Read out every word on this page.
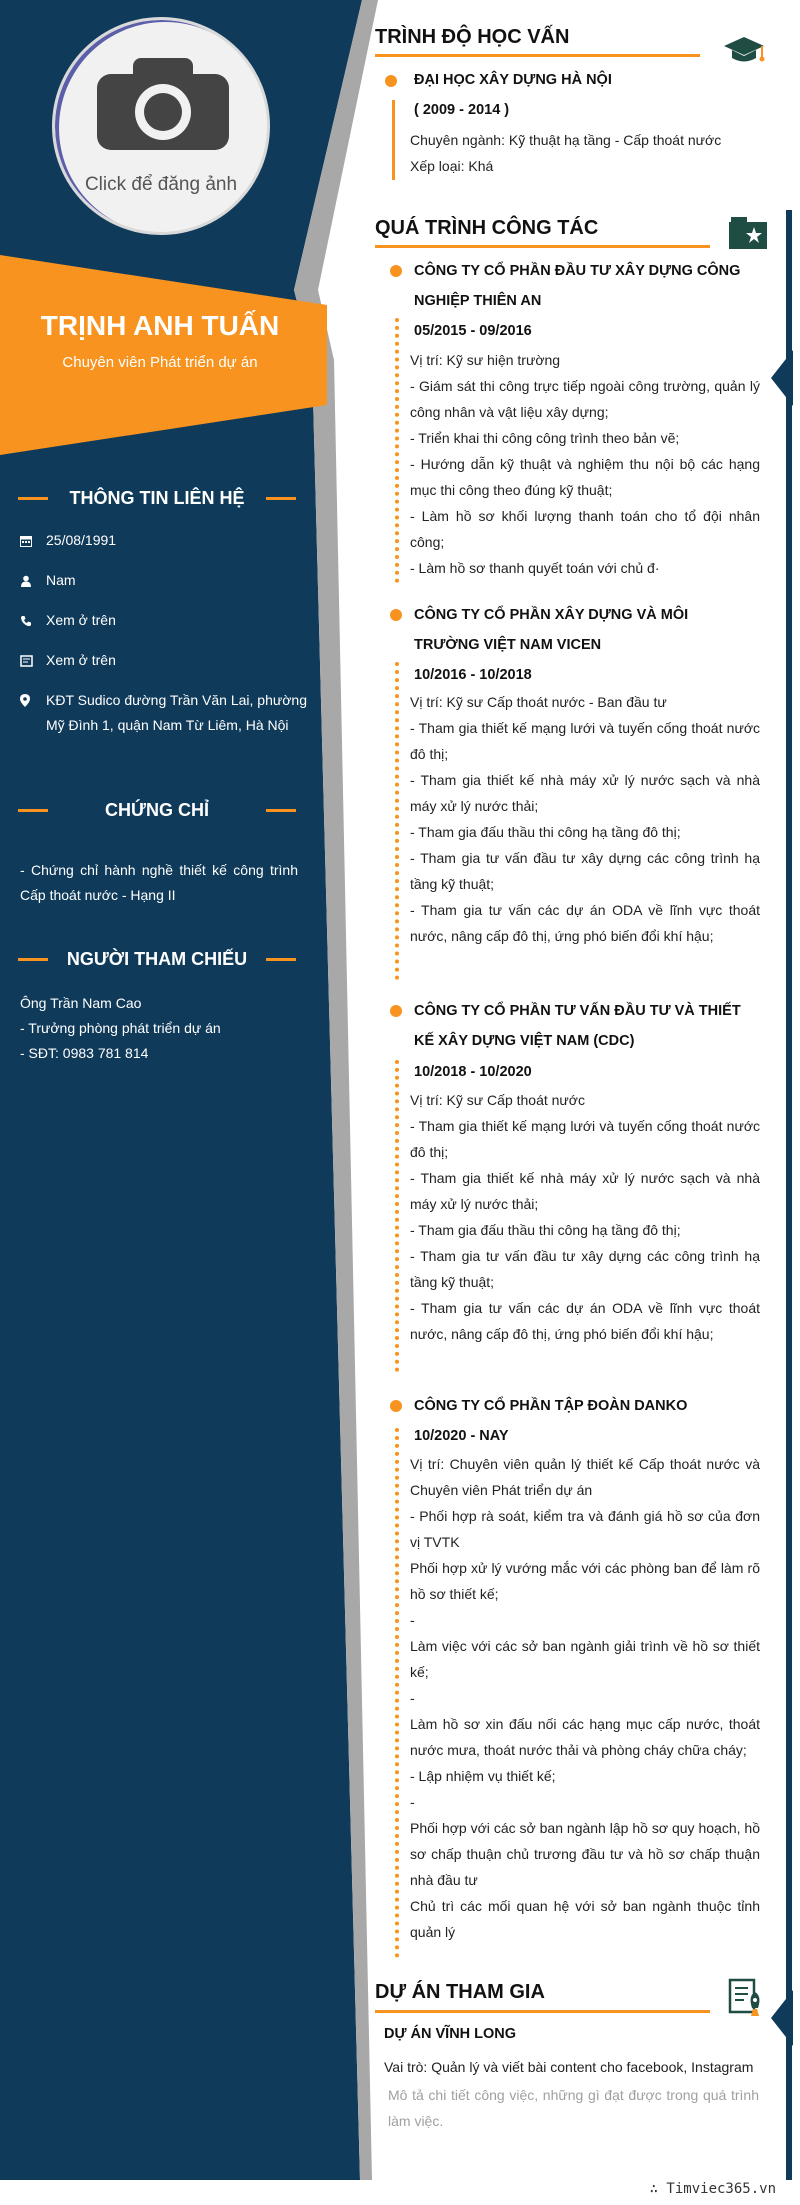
Click để đăng ảnh
TRỊNH ANH TUẤN
Chuyên viên Phát triển dự án
THÔNG TIN LIÊN HỆ
25/08/1991
Nam
Xem ở trên
Xem ở trên
KĐT Sudico đường Trần Văn Lai, phường Mỹ Đình 1, quận Nam Từ Liêm, Hà Nội
CHỨNG CHỈ
- Chứng chỉ hành nghề thiết kế công trình Cấp thoát nước - Hạng II
NGƯỜI THAM CHIẾU
Ông Trần Nam Cao
- Trưởng phòng phát triển dự án
- SĐT: 0983 781 814
TRÌNH ĐỘ HỌC VẤN
ĐẠI HỌC XÂY DỰNG HÀ NỘI
( 2009 - 2014 )
Chuyên ngành: Kỹ thuật hạ tầng - Cấp thoát nước
Xếp loại: Khá
QUÁ TRÌNH CÔNG TÁC
CÔNG TY CỔ PHẦN ĐẦU TƯ XÂY DỰNG CÔNG NGHIỆP THIÊN AN
05/2015 - 09/2016
Vị trí: Kỹ sư hiện trường
- Giám sát thi công trực tiếp ngoài công trường, quản lý công nhân và vật liệu xây dựng;
- Triển khai thi công công trình theo bản vẽ;
- Hướng dẫn kỹ thuật và nghiệm thu nội bộ các hạng mục thi công theo đúng kỹ thuật;
- Làm hồ sơ khối lượng thanh toán cho tổ đội nhân công;
- Làm hồ sơ thanh quyết toán với chủ đ·
CÔNG TY CỔ PHẦN XÂY DỰNG VÀ MÔI TRƯỜNG VIỆT NAM VICEN
10/2016 - 10/2018
Vị trí: Kỹ sư Cấp thoát nước - Ban đầu tư
- Tham gia thiết kế mạng lưới và tuyến cống thoát nước đô thị;
- Tham gia thiết kế nhà máy xử lý nước sạch và nhà máy xử lý nước thải;
- Tham gia đấu thầu thi công hạ tầng đô thị;
- Tham gia tư vấn đầu tư xây dựng các công trình hạ tầng kỹ thuật;
- Tham gia tư vấn các dự án ODA về lĩnh vực thoát nước, nâng cấp đô thị, ứng phó biến đổi khí hậu;
CÔNG TY CỔ PHẦN TƯ VẤN ĐẦU TƯ VÀ THIẾT KẾ XÂY DỰNG VIỆT NAM (CDC)
10/2018 - 10/2020
Vị trí: Kỹ sư Cấp thoát nước
- Tham gia thiết kế mạng lưới và tuyến cống thoát nước đô thị;
- Tham gia thiết kế nhà máy xử lý nước sạch và nhà máy xử lý nước thải;
- Tham gia đấu thầu thi công hạ tầng đô thị;
- Tham gia tư vấn đầu tư xây dựng các công trình hạ tầng kỹ thuật;
- Tham gia tư vấn các dự án ODA về lĩnh vực thoát nước, nâng cấp đô thị, ứng phó biến đổi khí hậu;
CÔNG TY CỔ PHẦN TẬP ĐOÀN DANKO
10/2020 - NAY
Vị trí: Chuyên viên quản lý thiết kế Cấp thoát nước và Chuyên viên Phát triển dự án
- Phối hợp rà soát, kiểm tra và đánh giá hồ sơ của đơn vị TVTK
Phối hợp xử lý vướng mắc với các phòng ban để làm rõ hồ sơ thiết kế;
-
Làm việc với các sở ban ngành giải trình về hồ sơ thiết kế;
-
Làm hồ sơ xin đấu nối các hạng mục cấp nước, thoát nước mưa, thoát nước thải và phòng cháy chữa cháy;
- Lập nhiệm vụ thiết kế;
-
Phối hợp với các sở ban ngành lập hồ sơ quy hoạch, hồ sơ chấp thuận chủ trương đầu tư và hồ sơ chấp thuận nhà đầu tư
Chủ trì các mối quan hệ với sở ban ngành thuộc tỉnh quản lý
DỰ ÁN THAM GIA
DỰ ÁN VĨNH LONG
Vai trò: Quản lý và viết bài content cho facebook, Instagram
Mô tả chi tiết công việc, những gì đạt được trong quá trình làm việc.
∴ Timviec365.vn
